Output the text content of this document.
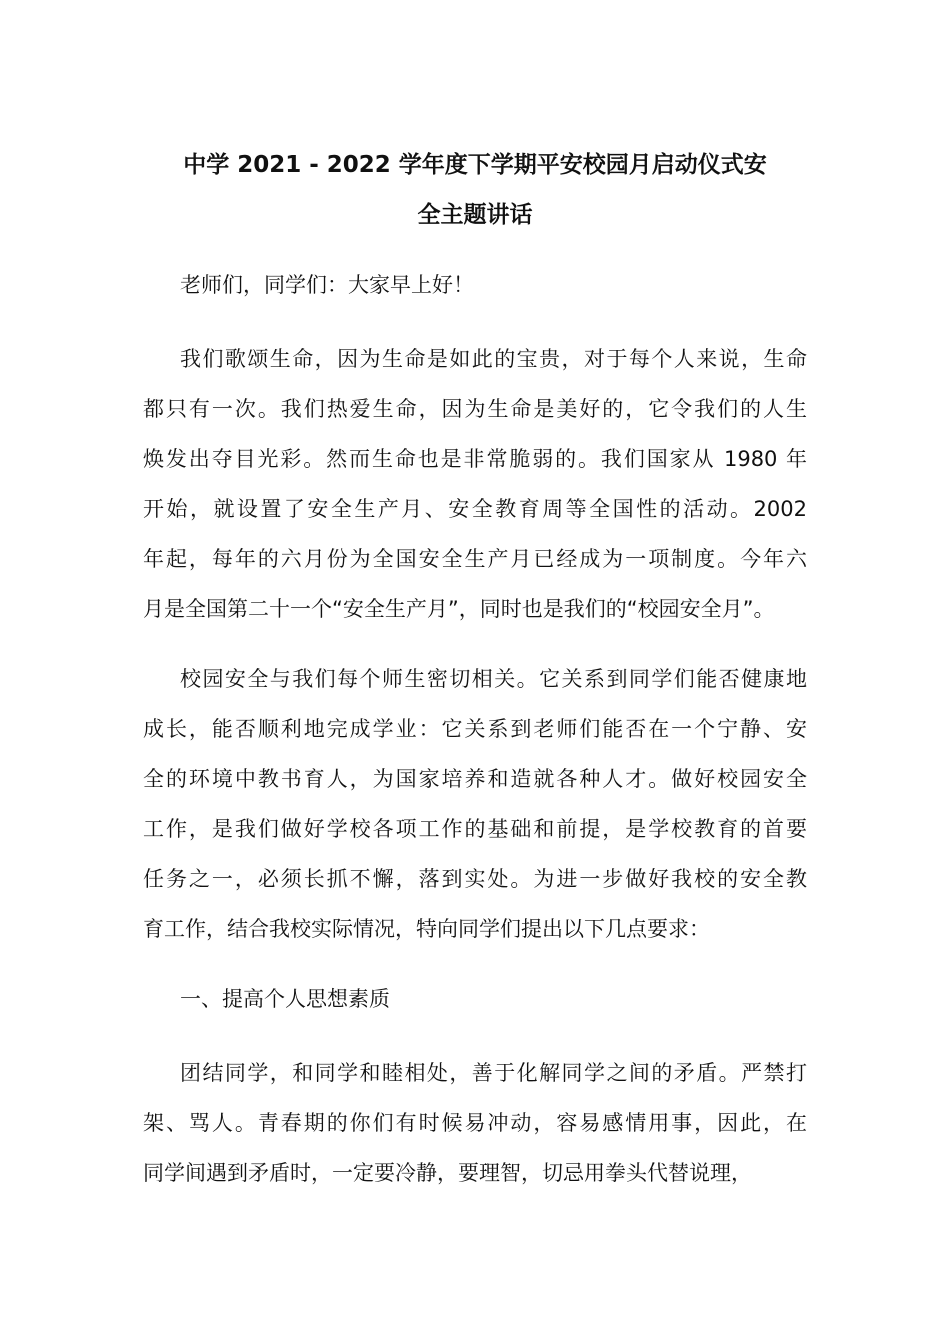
中学 2021 - 2022 学年度下学期平安校园月启动仪式安
全主题讲话

老师们，同学们：大家早上好！

我们歌颂生命，因为生命是如此的宝贵，对于每个人来说，生命
都只有一次。我们热爱生命，因为生命是美好的，它令我们的人生
焕发出夺目光彩。然而生命也是非常脆弱的。我们国家从 1980 年
开始，就设置了安全生产月、安全教育周等全国性的活动。2002
年起，每年的六月份为全国安全生产月已经成为一项制度。今年六
月是全国第二十一个“安全生产月”，同时也是我们的“校园安全月”。

校园安全与我们每个师生密切相关。它关系到同学们能否健康地
成长，能否顺利地完成学业：它关系到老师们能否在一个宁静、安
全的环境中教书育人，为国家培养和造就各种人才。做好校园安全
工作，是我们做好学校各项工作的基础和前提，是学校教育的首要
任务之一，必须长抓不懈，落到实处。为进一步做好我校的安全教
育工作，结合我校实际情况，特向同学们提出以下几点要求：

一、提高个人思想素质

团结同学，和同学和睦相处，善于化解同学之间的矛盾。严禁打
架、骂人。青春期的你们有时候易冲动，容易感情用事，因此，在
同学间遇到矛盾时，一定要冷静，要理智，切忌用拳头代替说理，
